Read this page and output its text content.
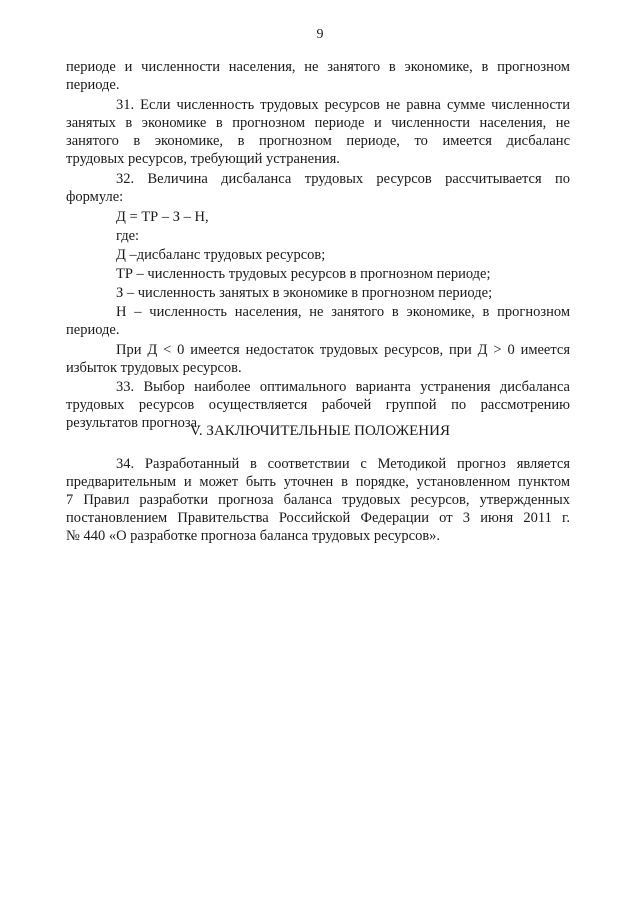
9
периоде и численности населения, не занятого в экономике, в прогнозном
периоде.
31. Если численность трудовых ресурсов не равна сумме численности
занятых в экономике в прогнозном периоде и численности населения, не
занятого в экономике, в прогнозном периоде, то имеется дисбаланс
трудовых ресурсов, требующий устранения.
32. Величина дисбаланса трудовых ресурсов рассчитывается по
формуле:
Д = ТР – З – Н,
где:
Д –дисбаланс трудовых ресурсов;
ТР – численность трудовых ресурсов в прогнозном периоде;
З – численность занятых в экономике в прогнозном периоде;
Н – численность населения, не занятого в экономике, в прогнозном
периоде.
При Д < 0 имеется недостаток трудовых ресурсов, при Д > 0 имеется
избыток трудовых ресурсов.
33. Выбор наиболее оптимального варианта устранения дисбаланса
трудовых ресурсов осуществляется рабочей группой по рассмотрению
результатов прогноза.
V. ЗАКЛЮЧИТЕЛЬНЫЕ ПОЛОЖЕНИЯ
34. Разработанный в соответствии с Методикой прогноз является
предварительным и может быть уточнен в порядке, установленном пунктом
7 Правил разработки прогноза баланса трудовых ресурсов, утвержденных
постановлением Правительства Российской Федерации от 3 июня 2011 г.
№ 440 «О разработке прогноза баланса трудовых ресурсов».
